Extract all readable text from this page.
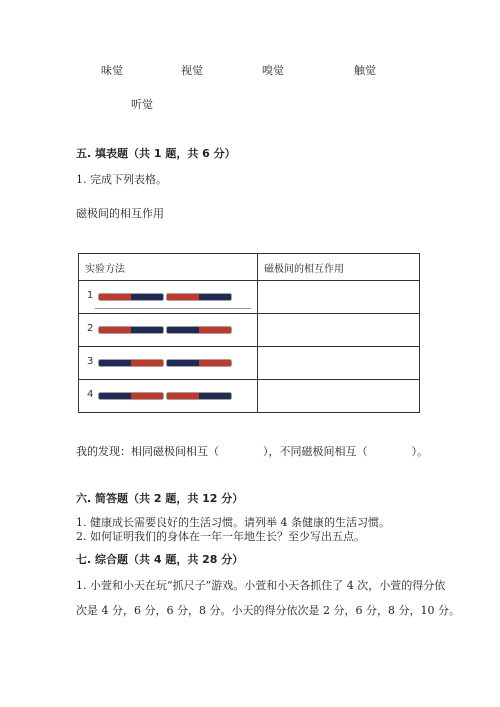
味觉	视觉	嗅觉	触觉
听觉
五. 填表题（共 1 题，共 6 分）
1. 完成下列表格。
磁极间的相互作用
实验方法	磁极间的相互作用

1	

2	

3	

4	

我的发现：相同磁极间相互（　　　　），不同磁极间相互（　　　　）。
六. 简答题（共 2 题，共 12 分）
1. 健康成长需要良好的生活习惯。请列举 4 条健康的生活习惯。
2. 如何证明我们的身体在一年一年地生长？至少写出五点。
七. 综合题（共 4 题，共 28 分）
1. 小萱和小天在玩“抓尺子”游戏。小萱和小天各抓住了 4 次，小萱的得分依
次是 4 分，6 分，6 分，8 分。小天的得分依次是 2 分，6 分，8 分，10 分。
